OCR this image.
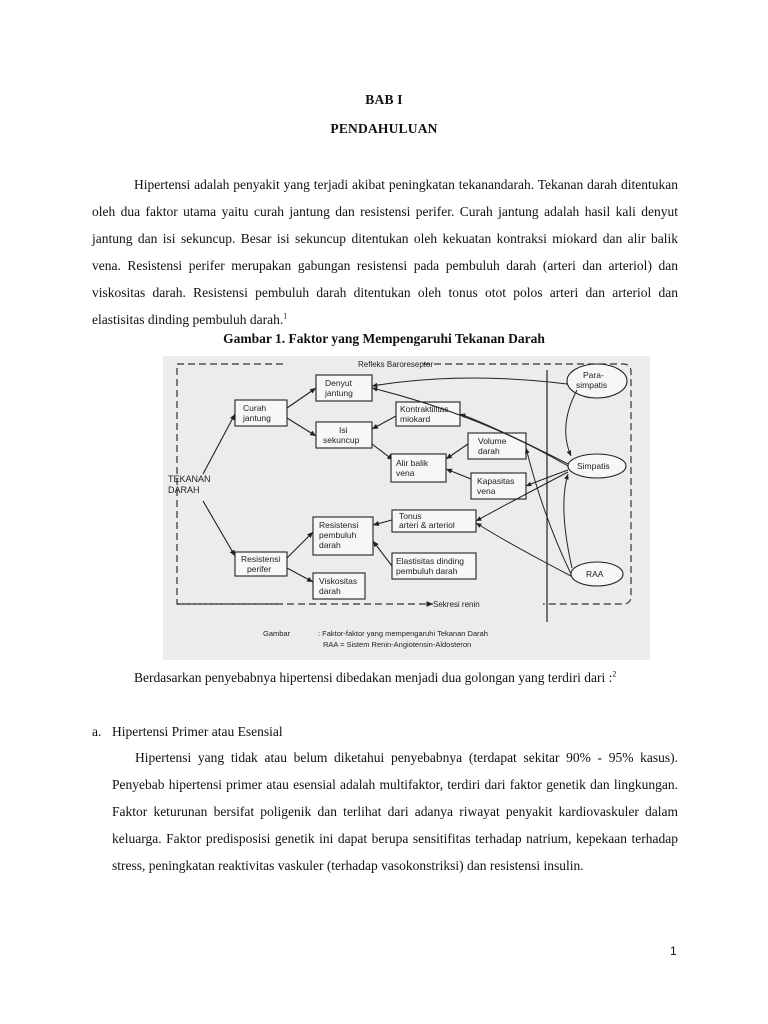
BAB I
PENDAHULUAN
Hipertensi adalah penyakit yang terjadi akibat peningkatan tekanandarah. Tekanan darah ditentukan oleh dua faktor utama yaitu curah jantung dan resistensi perifer. Curah jantung adalah hasil kali denyut jantung dan isi sekuncup. Besar isi sekuncup ditentukan oleh kekuatan kontraksi miokard dan alir balik vena. Resistensi perifer merupakan gabungan resistensi pada pembuluh darah (arteri dan arteriol) dan viskositas darah. Resistensi pembuluh darah ditentukan oleh tonus otot polos arteri dan arteriol dan elastisitas dinding pembuluh darah.$^1$
Gambar 1. Faktor yang Mempengaruhi Tekanan Darah
Refleks Baroreseptor
Sekresi renin
TEKANAN
DARAH
Curah
jantung
Denyut
jantung
Isi
sekuncup
Kontraktilitas
miokard
Volume
darah
Alir balik
vena
Kapasitas
vena
Resistensi
perifer
Resistensi
pembuluh
darah
Tonus
arteri & arteriol
Elastisitas dinding
pembuluh darah
Viskositas
darah
Para-
simpatis
Simpatis
RAA
Gambar	: Faktor-faktor yang mempengaruhi Tekanan Darah
RAA = Sistem Renin-Angiotensin-Aldosteron
Berdasarkan penyebabnya hipertensi dibedakan menjadi dua golongan yang terdiri dari :$^2$
a. Hipertensi Primer atau Esensial
Hipertensi yang tidak atau belum diketahui penyebabnya (terdapat sekitar 90% - 95% kasus). Penyebab hipertensi primer atau esensial adalah multifaktor, terdiri dari faktor genetik dan lingkungan. Faktor keturunan bersifat poligenik dan terlihat dari adanya riwayat penyakit kardiovaskuler dalam keluarga. Faktor predisposisi genetik ini dapat berupa sensitifitas terhadap natrium, kepekaan terhadap stress, peningkatan reaktivitas vaskuler (terhadap vasokonstriksi) dan resistensi insulin.
1
